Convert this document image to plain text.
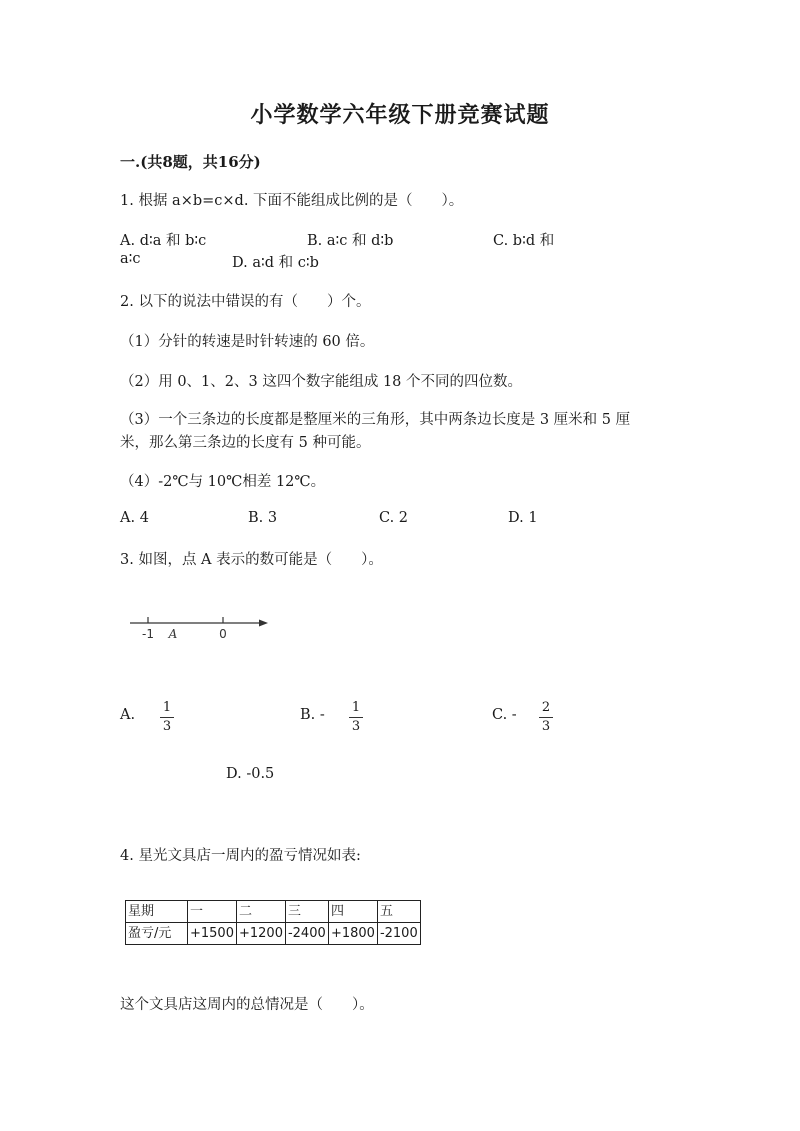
小学数学六年级下册竞赛试题
一.(共8题，共16分)
1. 根据 a×b=c×d. 下面不能组成比例的是（　　）。
A. d∶a 和 b∶c	B. a∶c 和 d∶b	C. b∶d 和
a∶c	D. a∶d 和 c∶b
2. 以下的说法中错误的有（　　）个。
（1）分针的转速是时针转速的 60 倍。
（2）用 0、1、2、3 这四个数字能组成 18 个不同的四位数。
（3）一个三条边的长度都是整厘米的三角形，其中两条边长度是 3 厘米和 5 厘
米，那么第三条边的长度有 5 种可能。
（4）-2℃与 10℃相差 12℃。
A. 4	B. 3	C. 2	D. 1
3. 如图，点 A 表示的数可能是（　　）。
-1 A	0
A. 1
3
B. - 1
3
C. - 2
3
D. -0.5
4. 星光文具店一周内的盈亏情况如表:
星期	一	二	三	四	五
盈亏/元	+1500	+1200	-2400	+1800	-2100
这个文具店这周内的总情况是（　　）。
